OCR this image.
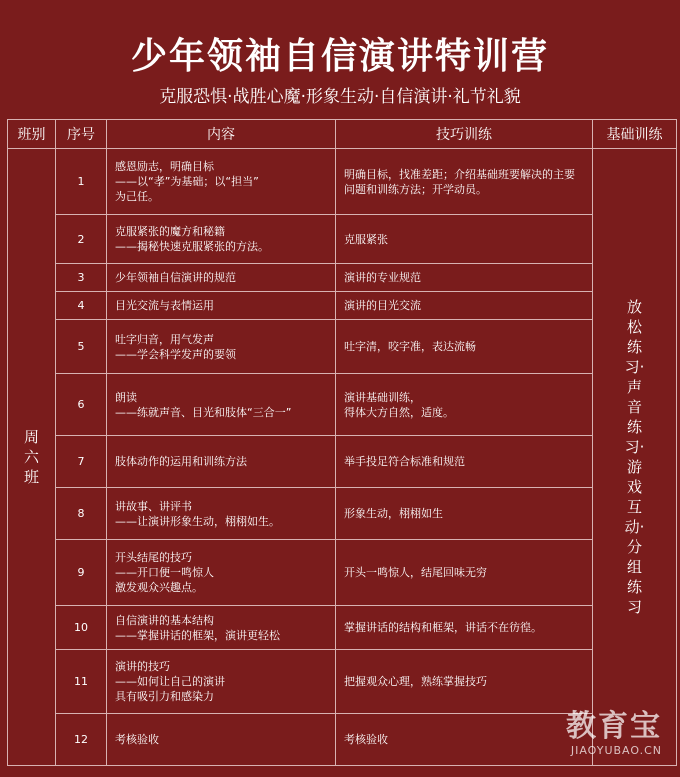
少年领袖自信演讲特训营
克服恐惧·战胜心魔·形象生动·自信演讲·礼节礼貌
班别	序号	内容	技巧训练	基础训练
周六班	1	感恩励志，明确目标
——以“孝”为基础；以“担当”
为己任。	明确目标，找准差距；介绍基础班要解决的主要问题和训练方法；开学动员。	放松练习·声音练习·游戏互动·分组练习
	2	克服紧张的魔方和秘籍
——揭秘快速克服紧张的方法。	克服紧张	
	3	少年领袖自信演讲的规范	演讲的专业规范	
	4	目光交流与表情运用	演讲的目光交流	
	5	吐字归音，用气发声
——学会科学发声的要领	吐字清，咬字准，表达流畅	
	6	朗读
——练就声音、目光和肢体“三合一”	演讲基础训练，
得体大方自然，适度。	
	7	肢体动作的运用和训练方法	举手投足符合标准和规范	
	8	讲故事、讲评书
——让演讲形象生动，栩栩如生。	形象生动，栩栩如生	
	9	开头结尾的技巧
——开口便一鸣惊人
激发观众兴趣点。	开头一鸣惊人，结尾回味无穷	
	10	自信演讲的基本结构
——掌握讲话的框架，演讲更轻松	掌握讲话的结构和框架，讲话不在彷徨。	
	11	演讲的技巧
——如何让自己的演讲
具有吸引力和感染力	把握观众心理，熟练掌握技巧	
	12	考核验收	考核验收		教育宝
JIAOYUBAO.CN
